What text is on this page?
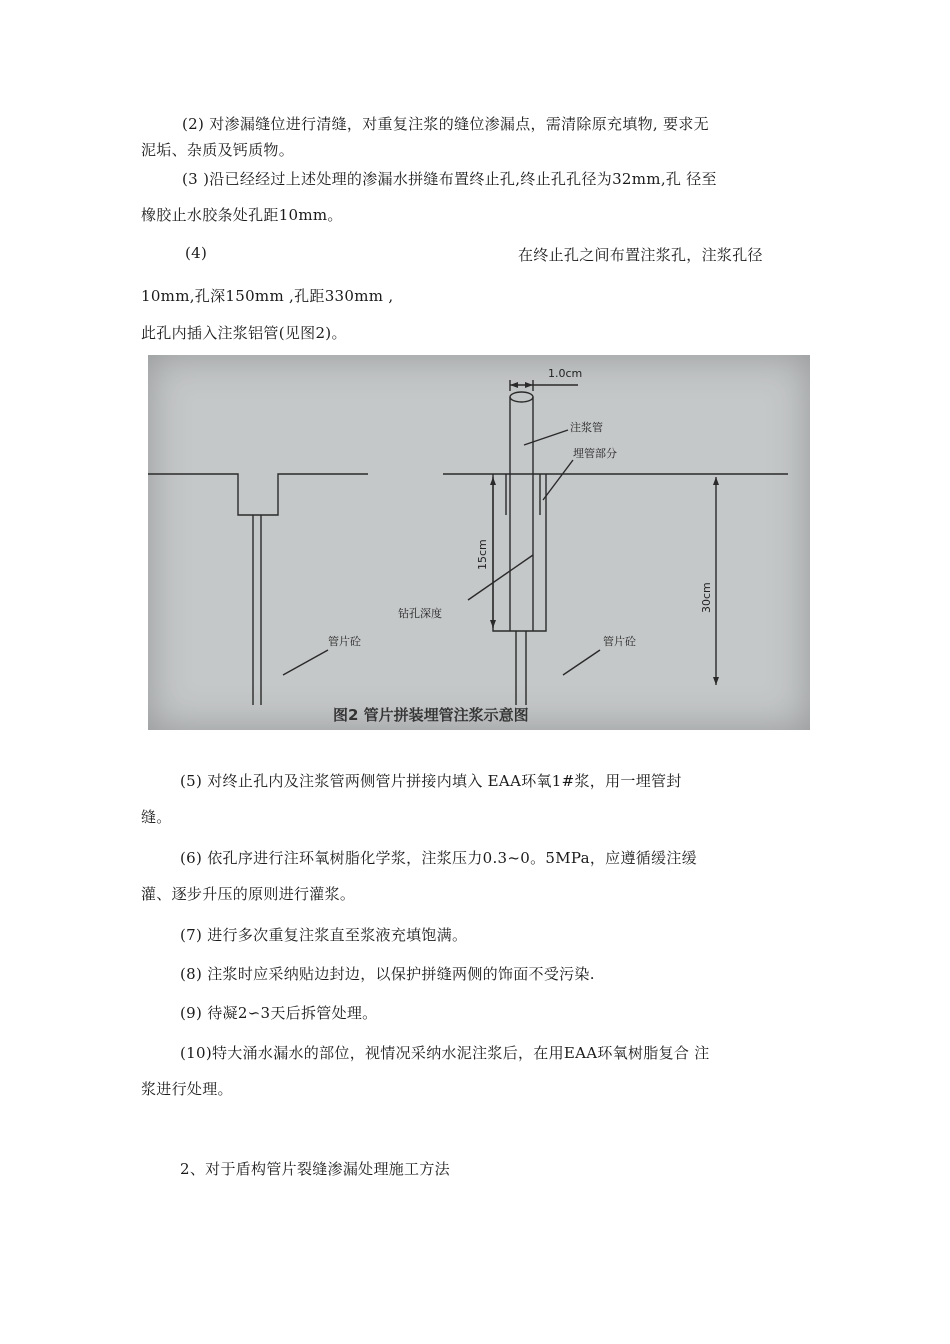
(2) 对渗漏缝位进行清缝，对重复注浆的缝位渗漏点，需清除原充填物, 要求无
泥垢、杂质及钙质物。
(3 )沿已经经过上述处理的渗漏水拼缝布置终止孔,终止孔孔径为32mm,孔 径至
橡胶止水胶条处孔距10mm。
(4)	在终止孔之间布置注浆孔，注浆孔径
10mm,孔深150mm ,孔距330mm ,
此孔内插入注浆铝管(见图2)。
1.0cm
注浆管
埋管部分
15cm
钻孔深度
管片砼	管片砼
30cm
图2 管片拼装埋管注浆示意图
(5) 对终止孔内及注浆管两侧管片拼接内填入 EAA环氧1#浆，用一埋管封
缝。
(6) 依孔序进行注环氧树脂化学浆，注浆压力0.3~0。5MPa，应遵循缓注缓
灌、逐步升压的原则进行灌浆。
(7) 进行多次重复注浆直至浆液充填饱满。
(8) 注浆时应采纳贴边封边，以保护拼缝两侧的饰面不受污染.
(9) 待凝2∽3天后拆管处理。
(10)特大涌水漏水的部位，视情况采纳水泥注浆后，在用EAA环氧树脂复合 注
浆进行处理。
2、对于盾构管片裂缝渗漏处理施工方法
